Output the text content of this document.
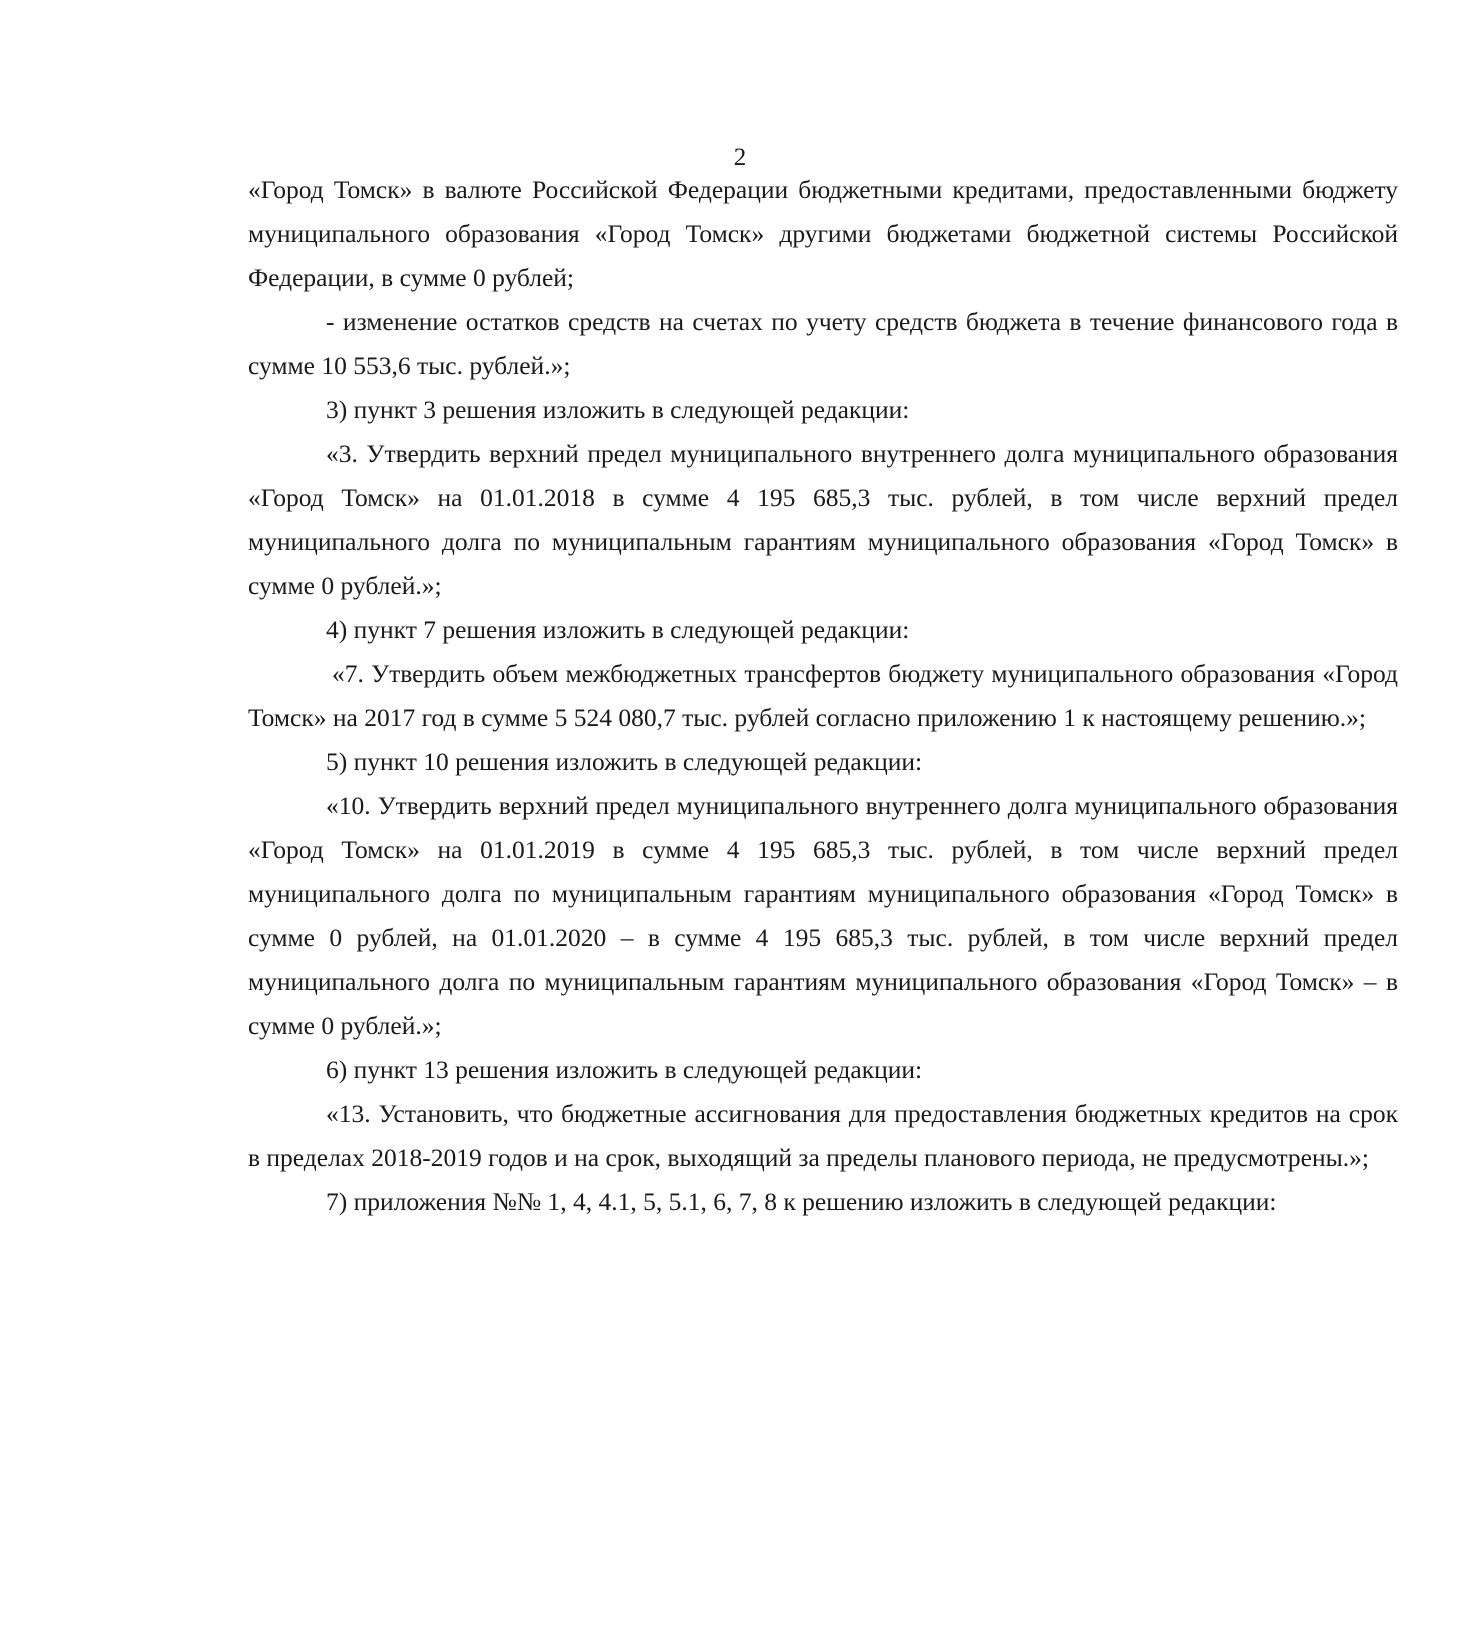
2

«Город Томск» в валюте Российской Федерации бюджетными кредитами, предоставленными бюджету муниципального образования «Город Томск» другими бюджетами бюджетной системы Российской Федерации, в сумме 0 рублей;

- изменение остатков средств на счетах по учету средств бюджета в течение финансового года в сумме 10 553,6 тыс. рублей.»;

3) пункт 3 решения изложить в следующей редакции:

«3. Утвердить верхний предел муниципального внутреннего долга муниципального образования «Город Томск» на 01.01.2018 в сумме 4 195 685,3 тыс. рублей, в том числе верхний предел муниципального долга по муниципальным гарантиям муниципального образования «Город Томск» в сумме 0 рублей.»;

4) пункт 7 решения изложить в следующей редакции:

«7. Утвердить объем межбюджетных трансфертов бюджету муниципального образования «Город Томск» на 2017 год в сумме 5 524 080,7 тыс. рублей согласно приложению 1 к настоящему решению.»;

5) пункт 10 решения изложить в следующей редакции:

«10. Утвердить верхний предел муниципального внутреннего долга муниципального образования «Город Томск» на 01.01.2019 в сумме 4 195 685,3 тыс. рублей, в том числе верхний предел муниципального долга по муниципальным гарантиям муниципального образования «Город Томск» в сумме 0 рублей, на 01.01.2020 – в сумме 4 195 685,3 тыс. рублей, в том числе верхний предел муниципального долга по муниципальным гарантиям муниципального образования «Город Томск» – в сумме 0 рублей.»;

6) пункт 13 решения изложить в следующей редакции:

«13. Установить, что бюджетные ассигнования для предоставления бюджетных кредитов на срок в пределах 2018-2019 годов и на срок, выходящий за пределы планового периода, не предусмотрены.»;

7) приложения №№ 1, 4, 4.1, 5, 5.1, 6, 7, 8 к решению изложить в следующей редакции:
